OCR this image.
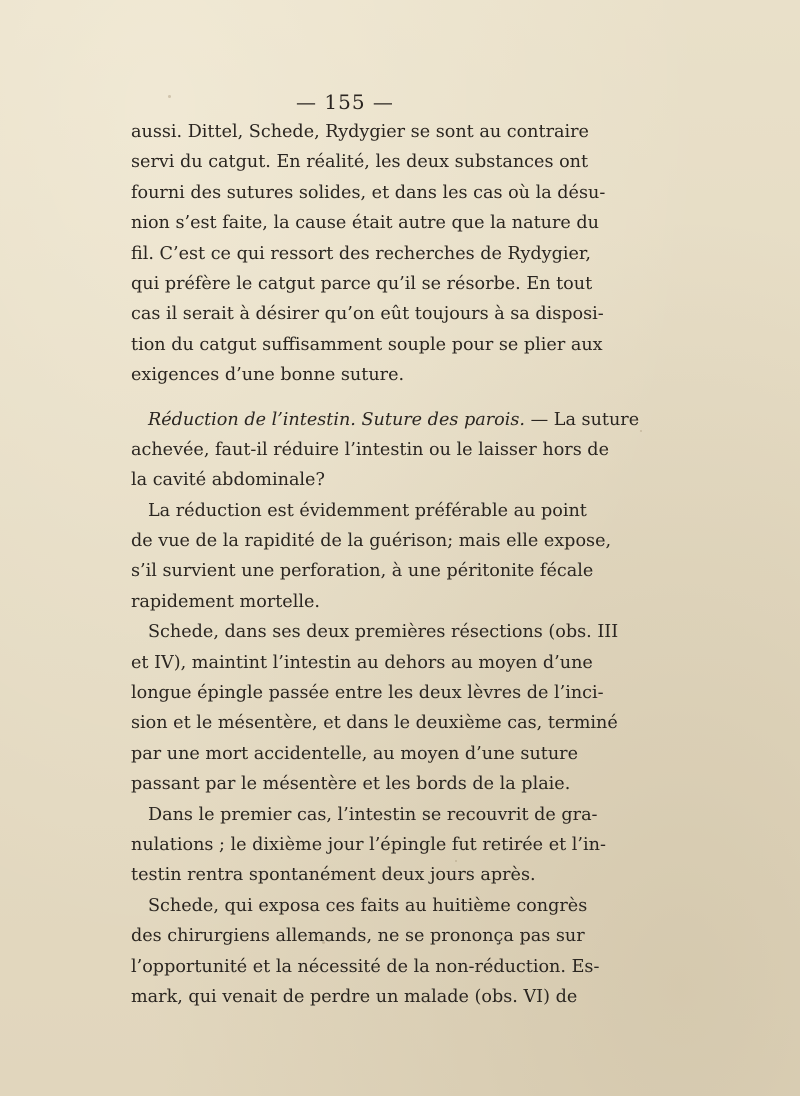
— 155 —
aussi. Dittel, Schede, Rydygier se sont au contraire
servi du catgut. En réalité, les deux substances ont
fourni des sutures solides, et dans les cas où la désu-
nion s’est faite, la cause était autre que la nature du
fil. C’est ce qui ressort des recherches de Rydygier,
qui préfère le catgut parce qu’il se résorbe. En tout
cas il serait à désirer qu’on eût toujours à sa disposi-
tion du catgut suffisamment souple pour se plier aux
exigences d’une bonne suture.
Réduction de l’intestin. Suture des parois. — La suture
achevée, faut-il réduire l’intestin ou le laisser hors de
la cavité abdominale?
La réduction est évidemment préférable au point
de vue de la rapidité de la guérison; mais elle expose,
s’il survient une perforation, à une péritonite fécale
rapidement mortelle.
Schede, dans ses deux premières résections (obs. III
et IV), maintint l’intestin au dehors au moyen d’une
longue épingle passée entre les deux lèvres de l’inci-
sion et le mésentère, et dans le deuxième cas, terminé
par une mort accidentelle, au moyen d’une suture
passant par le mésentère et les bords de la plaie.
Dans le premier cas, l’intestin se recouvrit de gra-
nulations ; le dixième jour l’épingle fut retirée et l’in-
testin rentra spontanément deux jours après.
Schede, qui exposa ces faits au huitième congrès
des chirurgiens allemands, ne se prononça pas sur
l’opportunité et la nécessité de la non-réduction. Es-
mark, qui venait de perdre un malade (obs. VI) de
